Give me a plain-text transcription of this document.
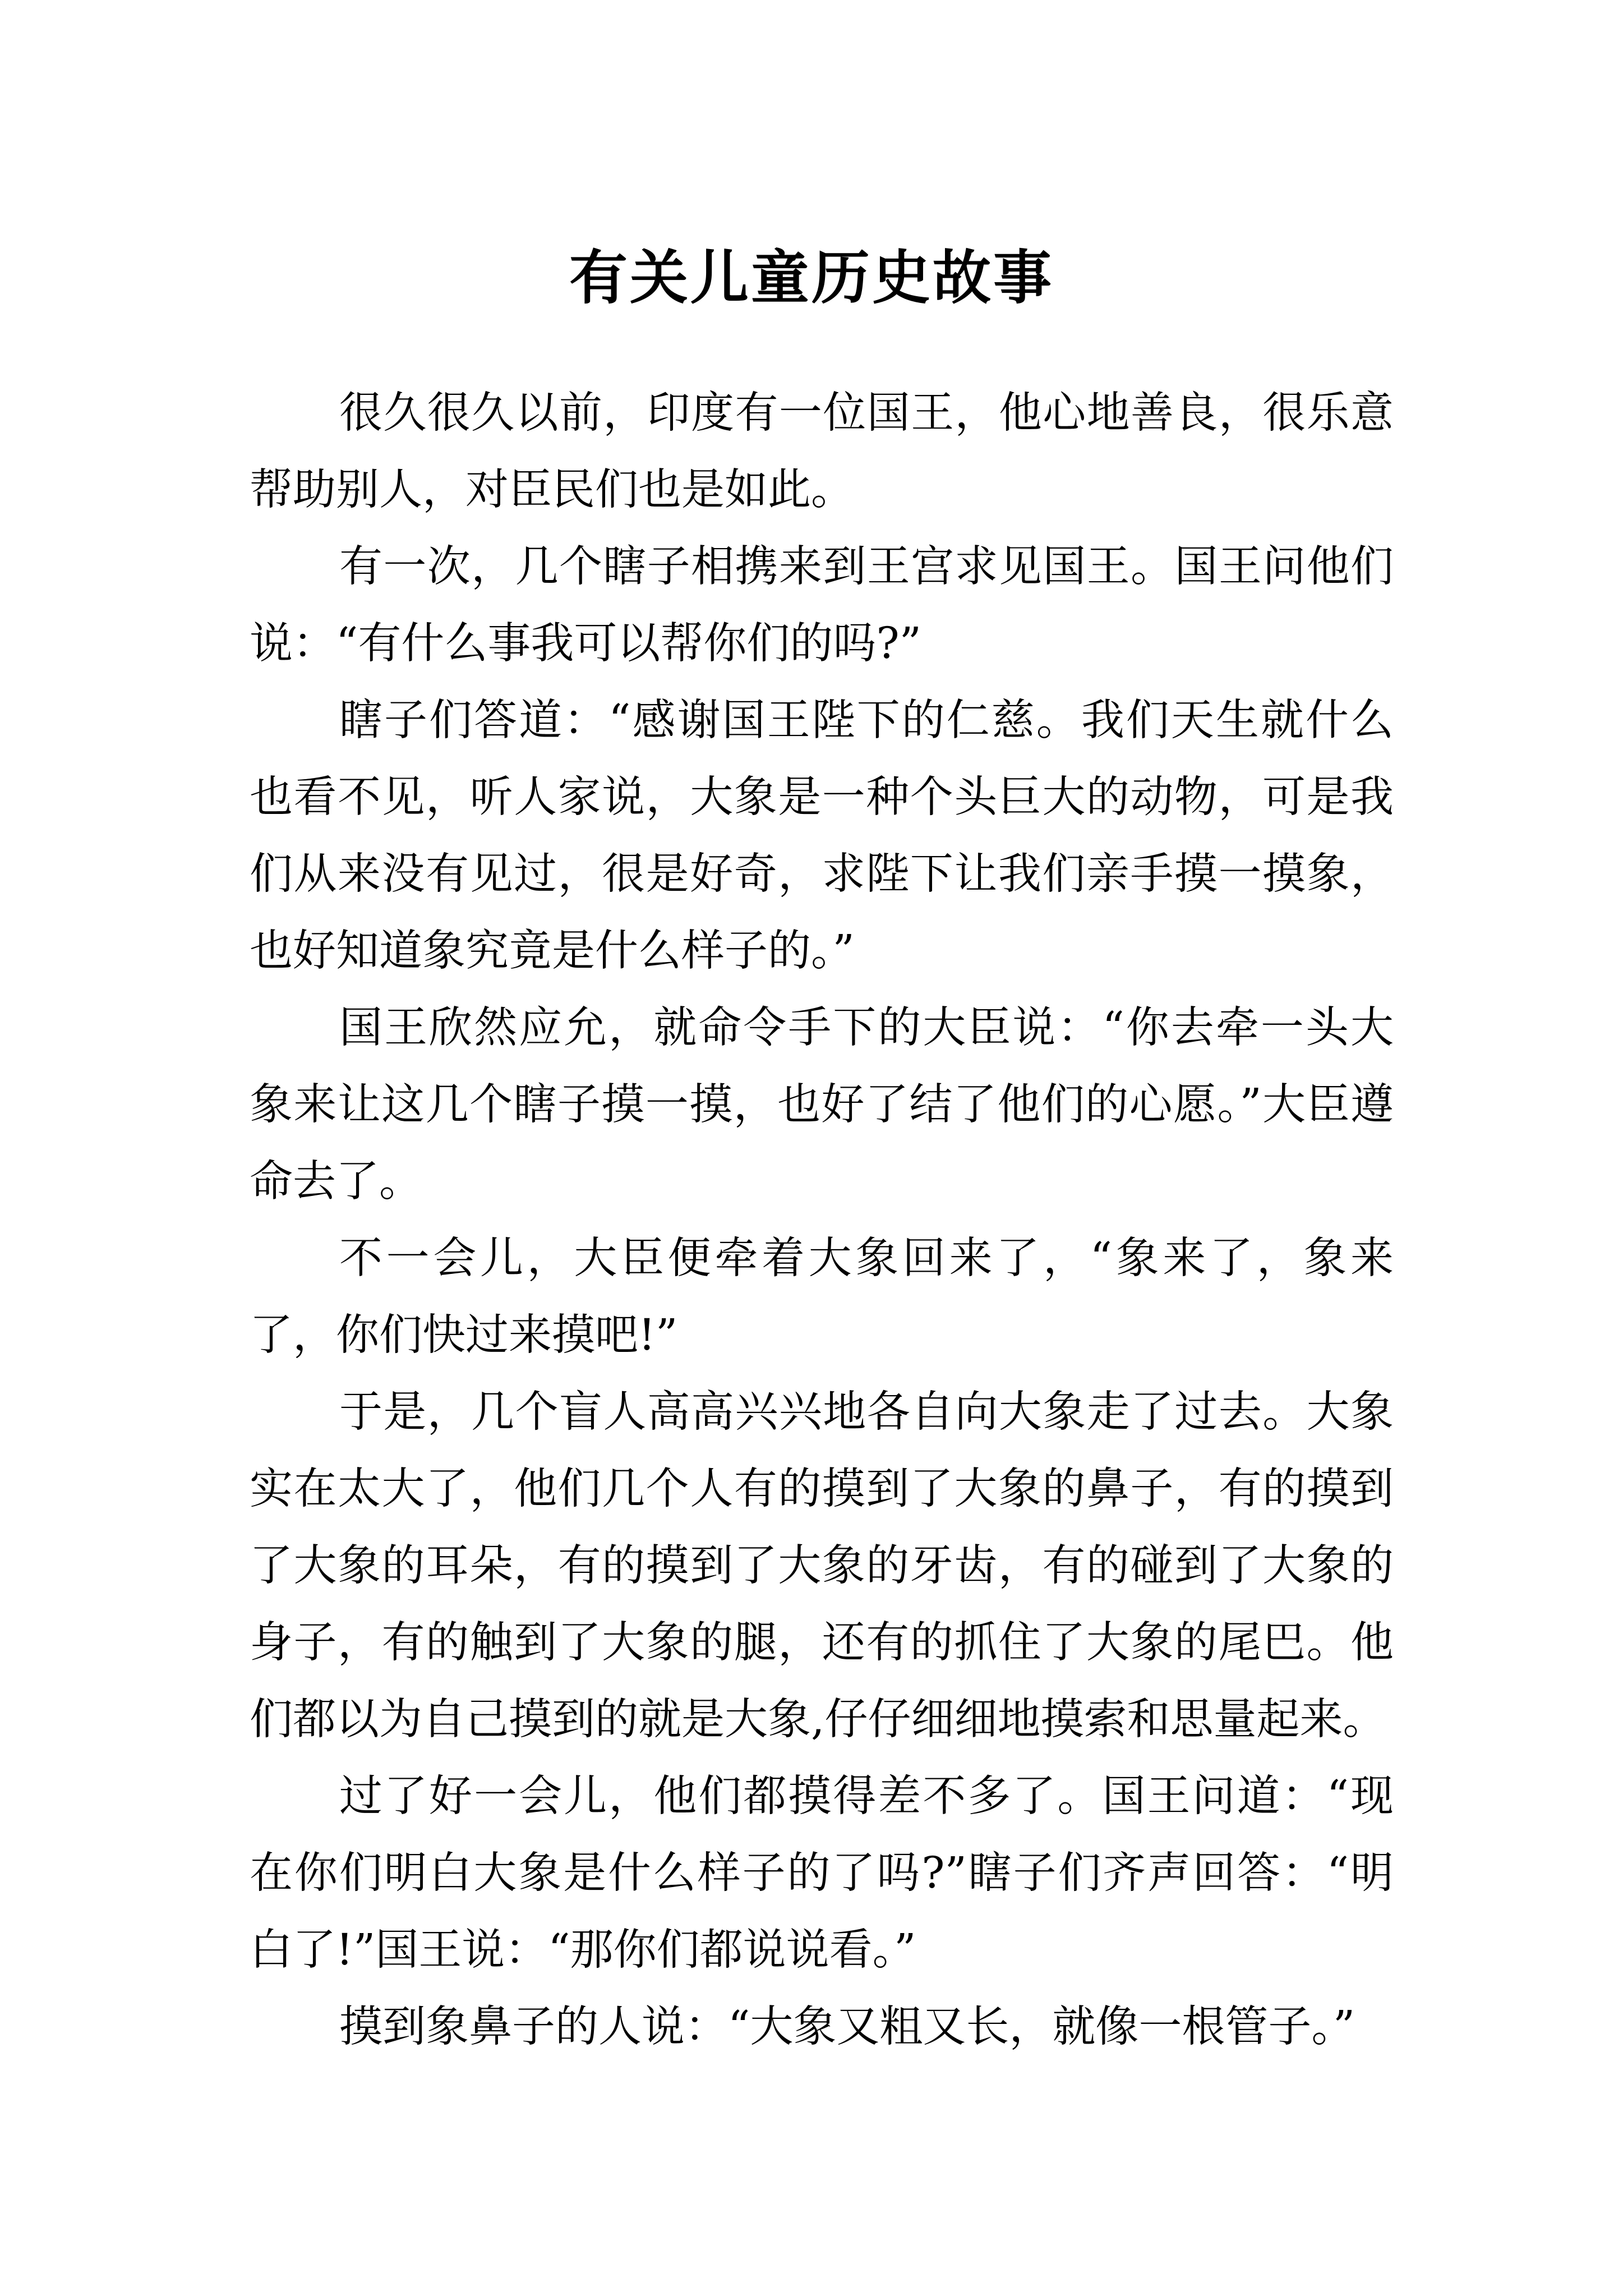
有关儿童历史故事

很久很久以前，印度有一位国王，他心地善良，很乐意帮助别人，对臣民们也是如此。

有一次，几个瞎子相携来到王宫求见国王。国王问他们说：“有什么事我可以帮你们的吗?”

瞎子们答道：“感谢国王陛下的仁慈。我们天生就什么也看不见，听人家说，大象是一种个头巨大的动物，可是我们从来没有见过，很是好奇，求陛下让我们亲手摸一摸象，也好知道象究竟是什么样子的。”

国王欣然应允，就命令手下的大臣说：“你去牵一头大象来让这几个瞎子摸一摸，也好了结了他们的心愿。”大臣遵命去了。

不一会儿，大臣便牵着大象回来了，“象来了，象来了，你们快过来摸吧!”

于是，几个盲人高高兴兴地各自向大象走了过去。大象实在太大了，他们几个人有的摸到了大象的鼻子，有的摸到了大象的耳朵，有的摸到了大象的牙齿，有的碰到了大象的身子，有的触到了大象的腿，还有的抓住了大象的尾巴。他们都以为自己摸到的就是大象,仔仔细细地摸索和思量起来。

过了好一会儿，他们都摸得差不多了。国王问道：“现在你们明白大象是什么样子的了吗?”瞎子们齐声回答：“明白了!”国王说：“那你们都说说看。”

摸到象鼻子的人说：“大象又粗又长，就像一根管子。”
